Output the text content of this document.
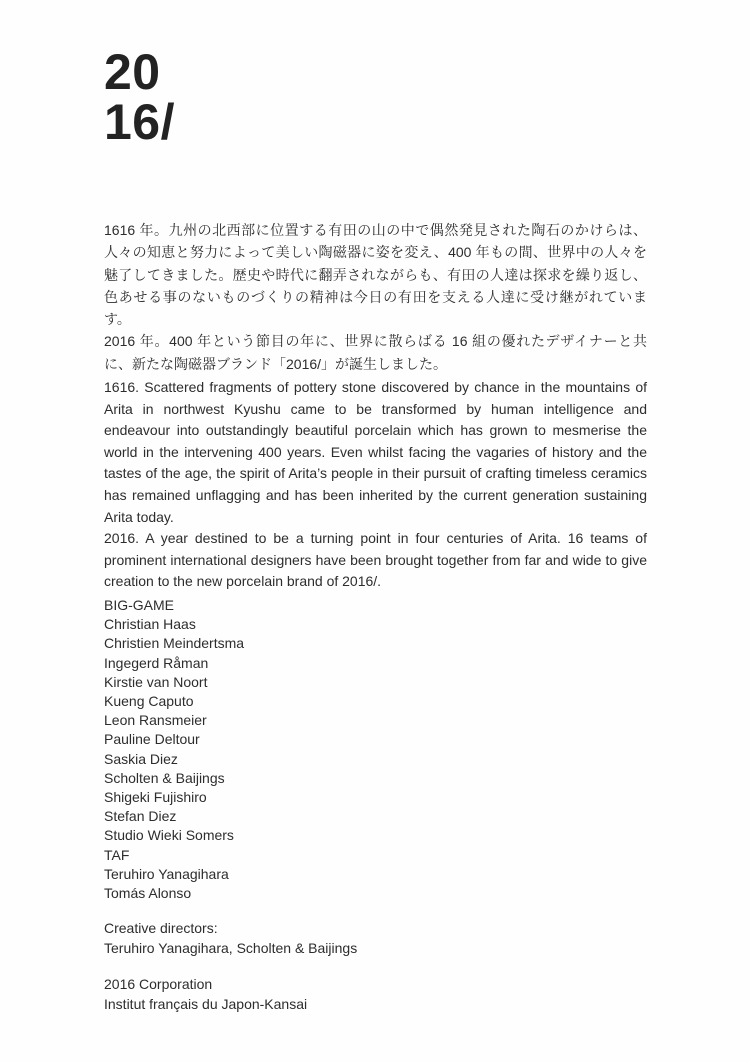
20
16/

1616 年。九州の北西部に位置する有田の山の中で偶然発見された陶石のかけらは、人々の知恵と努力によって美しい陶磁器に姿を変え、400 年もの間、世界中の人々を魅了してきました。歴史や時代に翻弄されながらも、有田の人達は探求を繰り返し、色あせる事のないものづくりの精神は今日の有田を支える人達に受け継がれています。

2016 年。400 年という節目の年に、世界に散らばる 16 組の優れたデザイナーと共に、新たな陶磁器ブランド「2016/」が誕生しました。

1616. Scattered fragments of pottery stone discovered by chance in the mountains of Arita in northwest Kyushu came to be transformed by human intelligence and endeavour into outstandingly beautiful porcelain which has grown to mesmerise the world in the intervening 400 years. Even whilst facing the vagaries of history and the tastes of the age, the spirit of Arita’s people in their pursuit of crafting timeless ceramics has remained unflagging and has been inherited by the current generation sustaining Arita today.

2016. A year destined to be a turning point in four centuries of Arita. 16 teams of prominent international designers have been brought together from far and wide to give creation to the new porcelain brand of 2016/.

BIG-GAME
Christian Haas
Christien Meindertsma
Ingegerd Råman
Kirstie van Noort
Kueng Caputo
Leon Ransmeier
Pauline Deltour
Saskia Diez
Scholten & Baijings
Shigeki Fujishiro
Stefan Diez
Studio Wieki Somers
TAF
Teruhiro Yanagihara
Tomás Alonso
Creative directors:
Teruhiro Yanagihara, Scholten & Baijings
2016 Corporation
Institut français du Japon-Kansai
